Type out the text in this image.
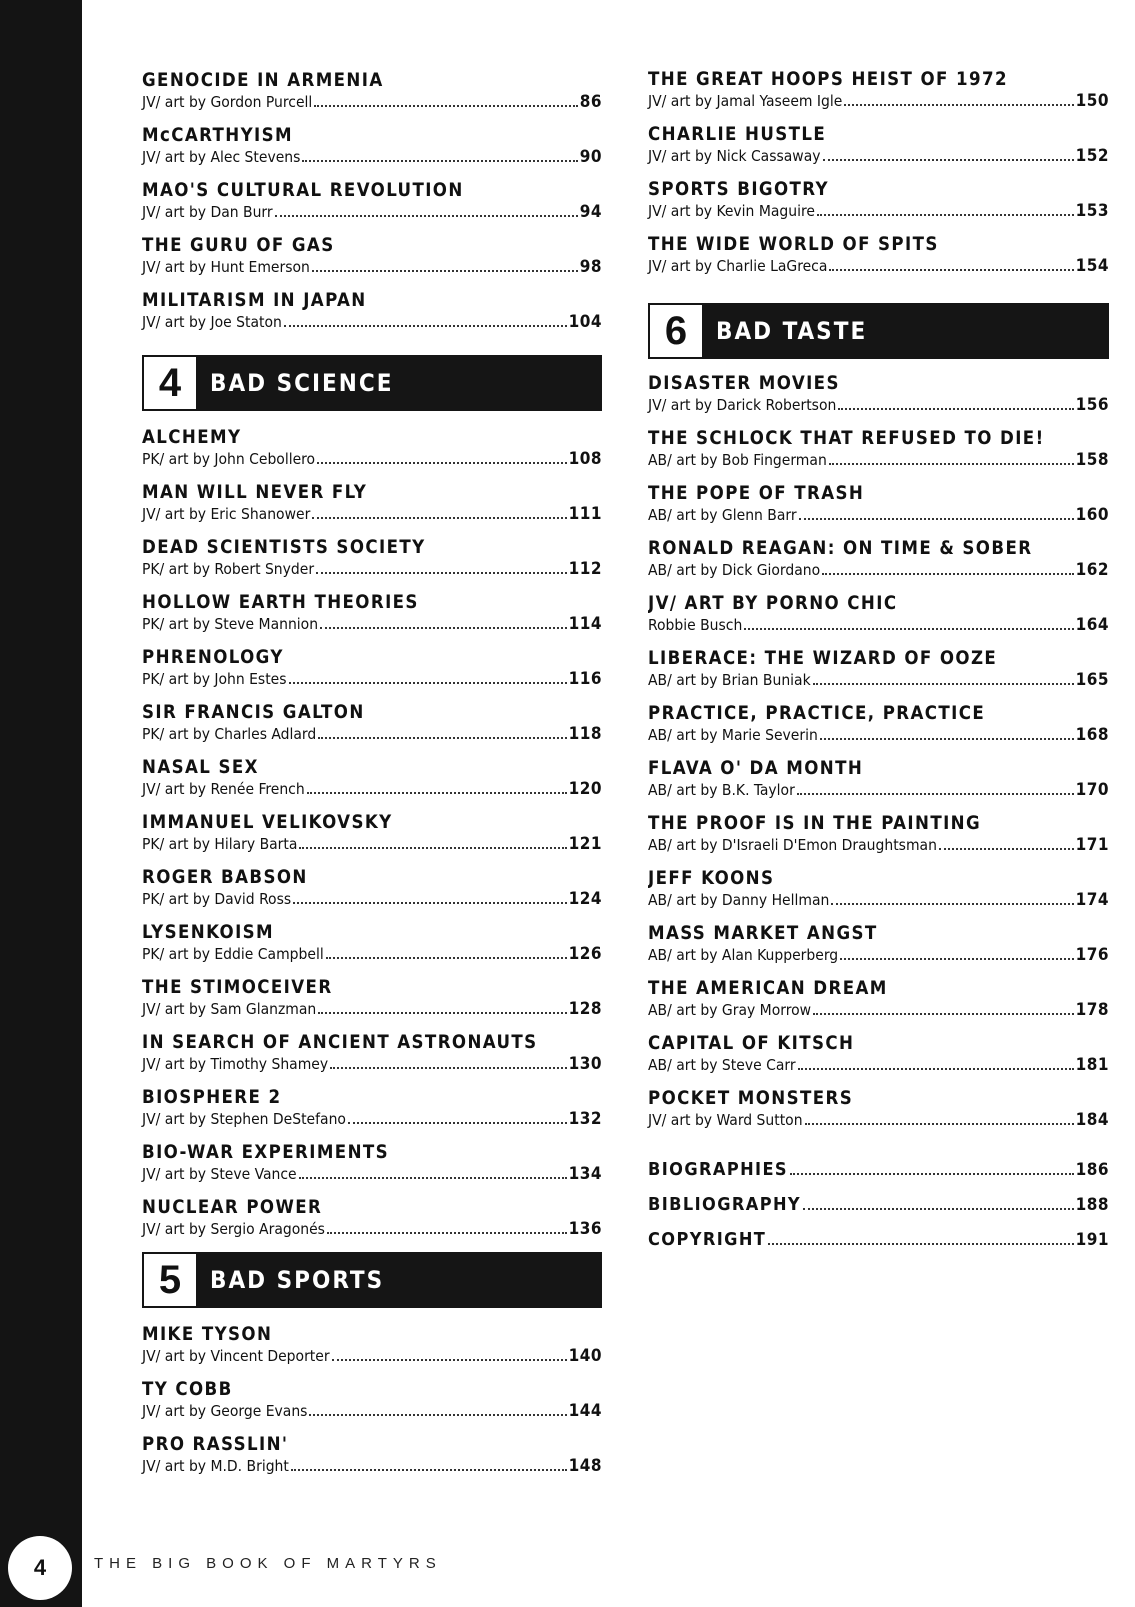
4	THE BIG BOOK OF MARTYRS
GENOCIDE IN ARMENIA
JV/ art by Gordon Purcell	86
McCARTHYISM
JV/ art by Alec Stevens	90
MAO'S CULTURAL REVOLUTION
JV/ art by Dan Burr	94
THE GURU OF GAS
JV/ art by Hunt Emerson	98
MILITARISM IN JAPAN
JV/ art by Joe Staton	104
4	BAD SCIENCE
ALCHEMY
PK/ art by John Cebollero	108
MAN WILL NEVER FLY
JV/ art by Eric Shanower	111
DEAD SCIENTISTS SOCIETY
PK/ art by Robert Snyder	112
HOLLOW EARTH THEORIES
PK/ art by Steve Mannion	114
PHRENOLOGY
PK/ art by John Estes	116
SIR FRANCIS GALTON
PK/ art by Charles Adlard	118
NASAL SEX
JV/ art by Renée French	120
IMMANUEL VELIKOVSKY
PK/ art by Hilary Barta	121
ROGER BABSON
PK/ art by David Ross	124
LYSENKOISM
PK/ art by Eddie Campbell	126
THE STIMOCEIVER
JV/ art by Sam Glanzman	128
IN SEARCH OF ANCIENT ASTRONAUTS
JV/ art by Timothy Shamey	130
BIOSPHERE 2
JV/ art by Stephen DeStefano	132
BIO-WAR EXPERIMENTS
JV/ art by Steve Vance	134
NUCLEAR POWER
JV/ art by Sergio Aragonés	136
5	BAD SPORTS
MIKE TYSON
JV/ art by Vincent Deporter	140
TY COBB
JV/ art by George Evans	144
PRO RASSLIN'
JV/ art by M.D. Bright	148
THE GREAT HOOPS HEIST OF 1972
JV/ art by Jamal Yaseem Igle	150
CHARLIE HUSTLE
JV/ art by Nick Cassaway	152
SPORTS BIGOTRY
JV/ art by Kevin Maguire	153
THE WIDE WORLD OF SPITS
JV/ art by Charlie LaGreca	154
6	BAD TASTE
DISASTER MOVIES
JV/ art by Darick Robertson	156
THE SCHLOCK THAT REFUSED TO DIE!
AB/ art by Bob Fingerman	158
THE POPE OF TRASH
AB/ art by Glenn Barr	160
RONALD REAGAN: ON TIME & SOBER
AB/ art by Dick Giordano	162
JV/ ART BY PORNO CHIC
Robbie Busch	164
LIBERACE: THE WIZARD OF OOZE
AB/ art by Brian Buniak	165
PRACTICE, PRACTICE, PRACTICE
AB/ art by Marie Severin	168
FLAVA O' DA MONTH
AB/ art by B.K. Taylor	170
THE PROOF IS IN THE PAINTING
AB/ art by D'Israeli D'Emon Draughtsman	171
JEFF KOONS
AB/ art by Danny Hellman	174
MASS MARKET ANGST
AB/ art by Alan Kupperberg	176
THE AMERICAN DREAM
AB/ art by Gray Morrow	178
CAPITAL OF KITSCH
AB/ art by Steve Carr	181
POCKET MONSTERS
JV/ art by Ward Sutton	184
BIOGRAPHIES	186
BIBLIOGRAPHY	188
COPYRIGHT	191
